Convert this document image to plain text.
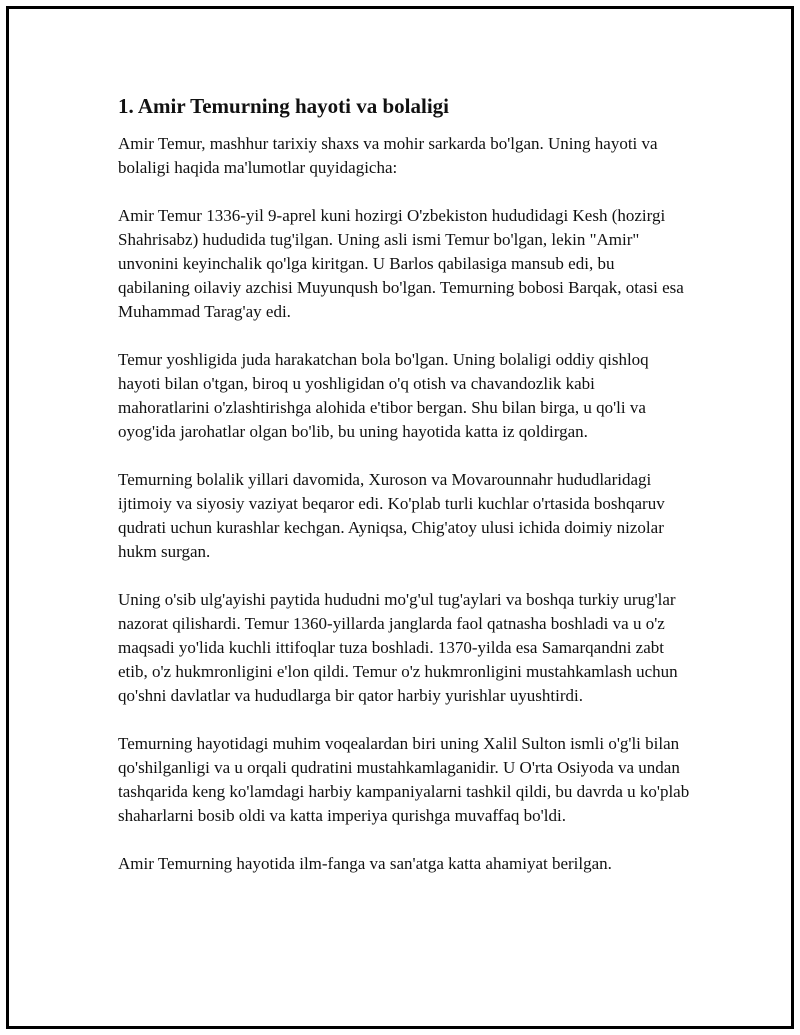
1. Amir Temurning hayoti va bolaligi

Amir Temur, mashhur tarixiy shaxs va mohir sarkarda bo'lgan. Uning hayoti va bolaligi haqida ma'lumotlar quyidagicha:

Amir Temur 1336-yil 9-aprel kuni hozirgi O'zbekiston hududidagi Kesh (hozirgi Shahrisabz) hududida tug'ilgan. Uning asli ismi Temur bo'lgan, lekin "Amir" unvonini keyinchalik qo'lga kiritgan. U Barlos qabilasiga mansub edi, bu qabilaning oilaviy azchisi Muyunqush bo'lgan. Temurning bobosi Barqak, otasi esa Muhammad Tarag'ay edi.

Temur yoshligida juda harakatchan bola bo'lgan. Uning bolaligi oddiy qishloq hayoti bilan o'tgan, biroq u yoshligidan o'q otish va chavandozlik kabi mahoratlarini o'zlashtirishga alohida e'tibor bergan. Shu bilan birga, u qo'li va oyog'ida jarohatlar olgan bo'lib, bu uning hayotida katta iz qoldirgan.

Temurning bolalik yillari davomida, Xuroson va Movarounnahr hududlaridagi ijtimoiy va siyosiy vaziyat beqaror edi. Ko'plab turli kuchlar o'rtasida boshqaruv qudrati uchun kurashlar kechgan. Ayniqsa, Chig'atoy ulusi ichida doimiy nizolar hukm surgan.

Uning o'sib ulg'ayishi paytida hududni mo'g'ul tug'aylari va boshqa turkiy urug'lar nazorat qilishardi. Temur 1360-yillarda janglarda faol qatnasha boshladi va u o'z maqsadi yo'lida kuchli ittifoqlar tuza boshladi. 1370-yilda esa Samarqandni zabt etib, o'z hukmronligini e'lon qildi. Temur o'z hukmronligini mustahkamlash uchun qo'shni davlatlar va hududlarga bir qator harbiy yurishlar uyushtirdi.

Temurning hayotidagi muhim voqealardan biri uning Xalil Sulton ismli o'g'li bilan qo'shilganligi va u orqali qudratini mustahkamlaganidir. U O'rta Osiyoda va undan tashqarida keng ko'lamdagi harbiy kampaniyalarni tashkil qildi, bu davrda u ko'plab shaharlarni bosib oldi va katta imperiya qurishga muvaffaq bo'ldi.

Amir Temurning hayotida ilm-fanga va san'atga katta ahamiyat berilgan.
